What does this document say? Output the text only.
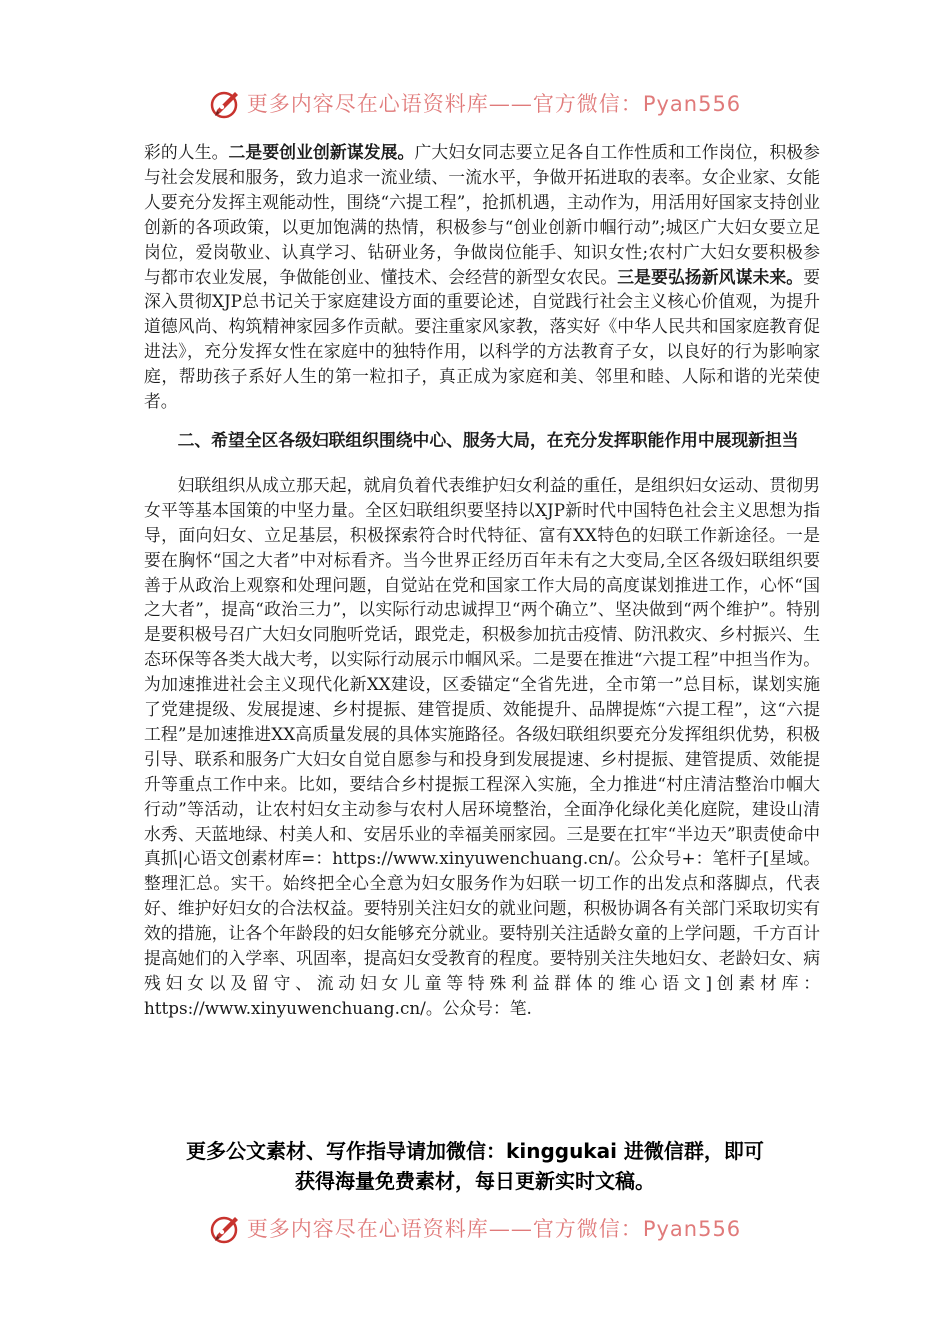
更多内容尽在心语资料库——官方微信：Pyan556

彩的人生。二是要创业创新谋发展。广大妇女同志要立足各自工作性质和工作岗位，积极参与社会发展和服务，致力追求一流业绩、一流水平，争做开拓进取的表率。女企业家、女能人要充分发挥主观能动性，围绕“六提工程”，抢抓机遇，主动作为，用活用好国家支持创业创新的各项政策，以更加饱满的热情，积极参与“创业创新巾帼行动”;城区广大妇女要立足岗位，爱岗敬业、认真学习、钻研业务，争做岗位能手、知识女性;农村广大妇女要积极参与都市农业发展，争做能创业、懂技术、会经营的新型女农民。三是要弘扬新风谋未来。要深入贯彻XJP总书记关于家庭建设方面的重要论述，自觉践行社会主义核心价值观，为提升道德风尚、构筑精神家园多作贡献。要注重家风家教，落实好《中华人民共和国家庭教育促进法》，充分发挥女性在家庭中的独特作用，以科学的方法教育子女，以良好的行为影响家庭，帮助孩子系好人生的第一粒扣子，真正成为家庭和美、邻里和睦、人际和谐的光荣使者。

二、希望全区各级妇联组织围绕中心、服务大局，在充分发挥职能作用中展现新担当

妇联组织从成立那天起，就肩负着代表维护妇女利益的重任，是组织妇女运动、贯彻男女平等基本国策的中坚力量。全区妇联组织要坚持以XJP新时代中国特色社会主义思想为指导，面向妇女、立足基层，积极探索符合时代特征、富有XX特色的妇联工作新途径。一是要在胸怀“国之大者”中对标看齐。当今世界正经历百年未有之大变局,全区各级妇联组织要善于从政治上观察和处理问题，自觉站在党和国家工作大局的高度谋划推进工作，心怀“国之大者”，提高“政治三力”，以实际行动忠诚捍卫“两个确立”、坚决做到“两个维护”。特别是要积极号召广大妇女同胞听党话，跟党走，积极参加抗击疫情、防汛救灾、乡村振兴、生态环保等各类大战大考，以实际行动展示巾帼风采。二是要在推进“六提工程”中担当作为。为加速推进社会主义现代化新XX建设，区委锚定“全省先进，全市第一”总目标，谋划实施了党建提级、发展提速、乡村提振、建管提质、效能提升、品牌提炼“六提工程”，这“六提工程”是加速推进XX高质量发展的具体实施路径。各级妇联组织要充分发挥组织优势，积极引导、联系和服务广大妇女自觉自愿参与和投身到发展提速、乡村提振、建管提质、效能提升等重点工作中来。比如，要结合乡村提振工程深入实施，全力推进“村庄清洁整治巾帼大行动”等活动，让农村妇女主动参与农村人居环境整治，全面净化绿化美化庭院，建设山清水秀、天蓝地绿、村美人和、安居乐业的幸福美丽家园。三是要在扛牢“半边天”职责使命中真抓|心语文创素材库=：https://www.xinyuwenchuang.cn/。公众号+：笔杆子[星域。整理汇总。实干。始终把全心全意为妇女服务作为妇联一切工作的出发点和落脚点，代表好、维护好妇女的合法权益。要特别关注妇女的就业问题，积极协调各有关部门采取切实有效的措施，让各个年龄段的妇女能够充分就业。要特别关注适龄女童的上学问题，千方百计提高她们的入学率、巩固率，提高妇女受教育的程度。要特别关注失地妇女、老龄妇女、病残妇女以及留守、流动妇女儿童等特殊利益群体的维心语文]创素材库：https://www.xinyuwenchuang.cn/。公众号：笔.

更多公文素材、写作指导请加微信：kinggukai 进微信群，即可
获得海量免费素材，每日更新实时文稿。
更多内容尽在心语资料库——官方微信：Pyan556
